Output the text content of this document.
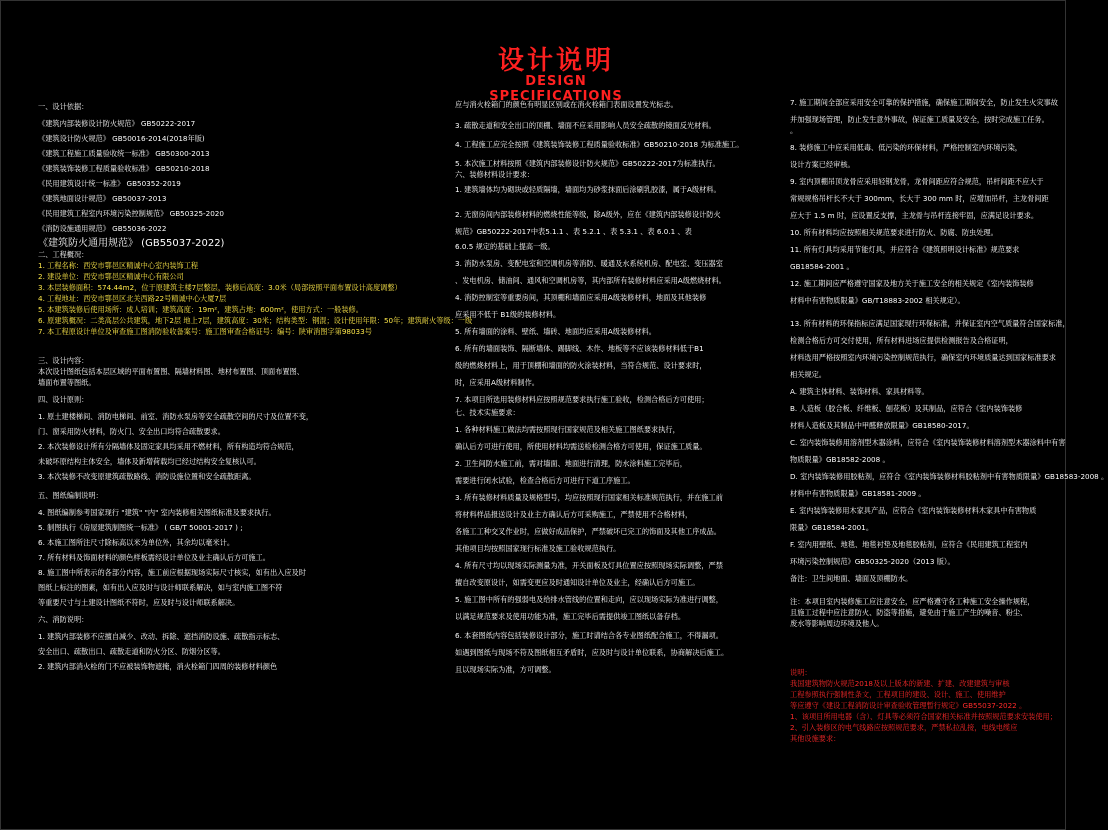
设计说明
DESIGN SPECIFICATIONS

一、设计依据：

《建筑内部装修设计防火规范》 GB50222-2017

《建筑设计防火规范》 GB50016-2014(2018年版)

《建筑工程施工质量验收统一标准》 GB50300-2013

《建筑装饰装修工程质量验收标准》 GB50210-2018

《民用建筑设计统一标准》 GB50352-2019

《建筑地面设计规范》 GB50037-2013

《民用建筑工程室内环境污染控制规范》 GB50325-2020

《消防设施通用规范》 GB55036-2022

《建筑防火通用规范》 (GB55037-2022)

二、工程概况：

1. 工程名称：西安市鄠邑区精诚中心室内装饰工程

2. 建设单位：西安市鄠邑区精诚中心有限公司

3. 本层装修面积：574.44m2，位于原建筑主楼7层整层，装修后高度：3.0米（局部按照平面布置设计高度调整）

4. 工程地址：西安市鄠邑区北关西路22号精诚中心大厦7层

5. 本建筑装修后使用场所：成人培训；建筑高度：19m²，建筑占地：600m²，使用方式：一般装修。

6. 原建筑概况：二类高层公共建筑，地下2层 地上7层，建筑高度：30米；结构类型：钢混；设计使用年限：50年；建筑耐火等级：一级

7. 本工程原设计单位及审查施工图消防验收备案号：施工图审查合格证号：编号：陕审消图字第98033号

三、设计内容：

本次设计图纸包括本层区域的平面布置图、隔墙材料图、地材布置图、顶面布置图、

墙面布置等图纸。

四、设计原则：

1. 原土建楼梯间、消防电梯间、前室、消防水泵房等安全疏散空间的尺寸及位置不变，

门、窗采用防火材料，防火门、安全出口均符合疏散要求。

2. 本次装修设计所有分隔墙体及固定家具均采用不燃材料，所有构造均符合规范，

未破坏原结构主体安全，墙体及新增荷载均已经过结构安全复核认可。

3. 本次装修不改变原建筑疏散路线、消防设施位置和安全疏散距离。

五、图纸编制说明：

4. 图纸编制参考国家现行 "建筑" "内" 室内装修相关图纸标准及要求执行。

5. 制图执行《房屋建筑制图统一标准》 ( GB/T 50001-2017 ) ;

6. 本施工图所注尺寸除标高以米为单位外，其余均以毫米计。

7. 所有材料及饰面材料的颜色样板需经设计单位及业主确认后方可施工。

8. 施工图中所表示的各部分内容，施工前应根据现场实际尺寸核实，如有出入应及时

图纸上标注的图素，如有出入应及时与设计师联系解决，如与室内施工图不符

等重要尺寸与土建设计图纸不符时，应及时与设计师联系解决。

六、消防说明：

1. 建筑内部装修不应擅自减少、改动、拆除、遮挡消防设施、疏散指示标志、

安全出口、疏散出口、疏散走道和防火分区、防烟分区等。

2. 建筑内部消火栓的门不应被装饰物遮掩，消火栓箱门四周的装修材料颜色

应与消火栓箱门的颜色有明显区别或在消火栓箱门表面设置发光标志。

3. 疏散走道和安全出口的顶棚、墙面不应采用影响人员安全疏散的镜面反光材料。

4. 工程施工应完全按照《建筑装饰装修工程质量验收标准》GB50210-2018 为标准施工。

5. 本次施工材料按照《建筑内部装修设计防火规范》GB50222-2017为标准执行。

六、装修材料设计要求：

1. 建筑墙体均为砌块或轻质隔墙，墙面均为砂浆抹面后涂刷乳胶漆，属于A级材料。

2. 无窗房间内部装修材料的燃烧性能等级，除A级外，应在《建筑内部装修设计防火

规范》GB50222-2017中表5.1.1 、表 5.2.1 、表 5.3.1 、表 6.0.1 、表

6.0.5 规定的基础上提高一级。

3. 消防水泵房、变配电室和空调机房等消防、暖通及水系统机房、配电室、变压器室

、发电机房、储油间、通风和空调机房等，其内部所有装修材料应采用A级燃烧材料。

4. 消防控制室等重要房间，其顶棚和墙面应采用A级装修材料，地面及其他装修

应采用不低于 B1级的装修材料。

5. 所有墙面的涂料、壁纸、墙砖、地面均应采用A级装修材料。

6. 所有的墙面装饰、隔断墙体、踢脚线、木作、地板等不应该装修材料低于B1

级的燃烧材料上，用于顶棚和墙面的防火涂装材料，当符合规范、设计要求时，

时，应采用A级材料制作。

7. 本项目所选用装修材料应按照规范要求执行施工验收，检测合格后方可使用；

七、技术实施要求：

1. 各种材料施工做法均需按照现行国家规范及相关施工图纸要求执行，

确认后方可进行使用，所使用材料均需送检检测合格方可使用，保证施工质量。

2. 卫生间防水施工前，需对墙面、地面进行清理，防水涂料施工完毕后，

需要进行闭水试验，检查合格后方可进行下道工序施工。

3. 所有装修材料质量及规格型号，均应按照现行国家相关标准规范执行，并在施工前

将材料样品报送设计及业主方确认后方可采购施工，严禁使用不合格材料，

各施工工种交叉作业时，应做好成品保护，严禁破坏已完工的饰面及其他工序成品。

其他项目均按照国家现行标准及施工验收规范执行。

4. 所有尺寸均以现场实际测量为准，开关面板及灯具位置应按照现场实际调整，严禁

擅自改变原设计，如需变更应及时通知设计单位及业主，经确认后方可施工。

5. 施工图中所有的强弱电及给排水管线的位置和走向，应以现场实际为准进行调整，

以满足规范要求及使用功能为准，施工完毕后需提供竣工图纸以备存档。

6. 本套图纸内容包括装修设计部分，施工时请结合各专业图纸配合施工，不得漏项。

如遇到图纸与现场不符及图纸相互矛盾时，应及时与设计单位联系，协商解决后施工。

且以现场实际为准，方可调整。

7. 施工期间全部应采用安全可靠的保护措施，确保施工期间安全，防止发生火灾事故

并加强现场管理，防止发生意外事故，保证施工质量及安全，按时完成施工任务。

。

8. 装修施工中应采用低毒、低污染的环保材料，严格控制室内环境污染，

设计方案已经审核。

9. 室内顶棚吊顶龙骨应采用轻钢龙骨，龙骨间距应符合规范，吊杆间距不应大于

常规规格吊杆长不大于 300mm，长大于 300 mm 时，应增加吊杆，主龙骨间距

应大于 1.5 m 时，应设置反支撑，主龙骨与吊杆连接牢固，应满足设计要求。

10. 所有材料均应按照相关规范要求进行防火、防腐、防虫处理。

11. 所有灯具均采用节能灯具，并应符合《建筑照明设计标准》规范要求

GB18584-2001 。

12. 施工期间应严格遵守国家及地方关于施工安全的相关规定《室内装饰装修

材料中有害物质限量》GB/T18883-2002 相关规定）。

13. 所有材料的环保指标应满足国家现行环保标准，并保证室内空气质量符合国家标准，

检测合格后方可交付使用，所有材料进场应提供检测报告及合格证明，

材料选用严格按照室内环境污染控制规范执行，确保室内环境质量达到国家标准要求

相关规定。

A. 建筑主体材料、装饰材料、家具材料等。

B. 人造板（胶合板、纤维板、刨花板）及其制品，应符合《室内装饰装修

材料人造板及其制品中甲醛释放限量》GB18580-2017。

C. 室内装饰装修用溶剂型木器涂料，应符合《室内装饰装修材料溶剂型木器涂料中有害

物质限量》GB18582-2008 。

D. 室内装饰装修用胶粘剂，应符合《室内装饰装修材料胶粘剂中有害物质限量》GB18583-2008 。

材料中有害物质限量》GB18581-2009 。

E. 室内装饰装修用木家具产品，应符合《室内装饰装修材料木家具中有害物质

限量》GB18584-2001。

F. 室内用壁纸、地毯、地毯衬垫及地毯胶粘剂，应符合《民用建筑工程室内

环境污染控制规范》GB50325-2020（2013 版）。

备注：卫生间地面、墙面及顶棚防水。

注：本项目室内装修施工应注意安全，应严格遵守各工种施工安全操作规程，

且施工过程中应注意防火、防盗等措施，避免由于施工产生的噪音、粉尘、

废水等影响周边环境及他人。

说明：

我国建筑物防火规范2018及以上版本的新建、扩建、改建建筑与审核

工程参照执行强制性条文，工程项目的建设、设计、施工、使用维护

等应遵守《建设工程消防设计审查验收管理暂行规定》GB55037-2022 。

1、该项目所用电器（含）、灯具等必须符合国家相关标准并按照规范要求安装使用；

2、引入装修区的电气线路应按照规范要求，严禁私拉乱接，电线电缆应

其他设施要求：
